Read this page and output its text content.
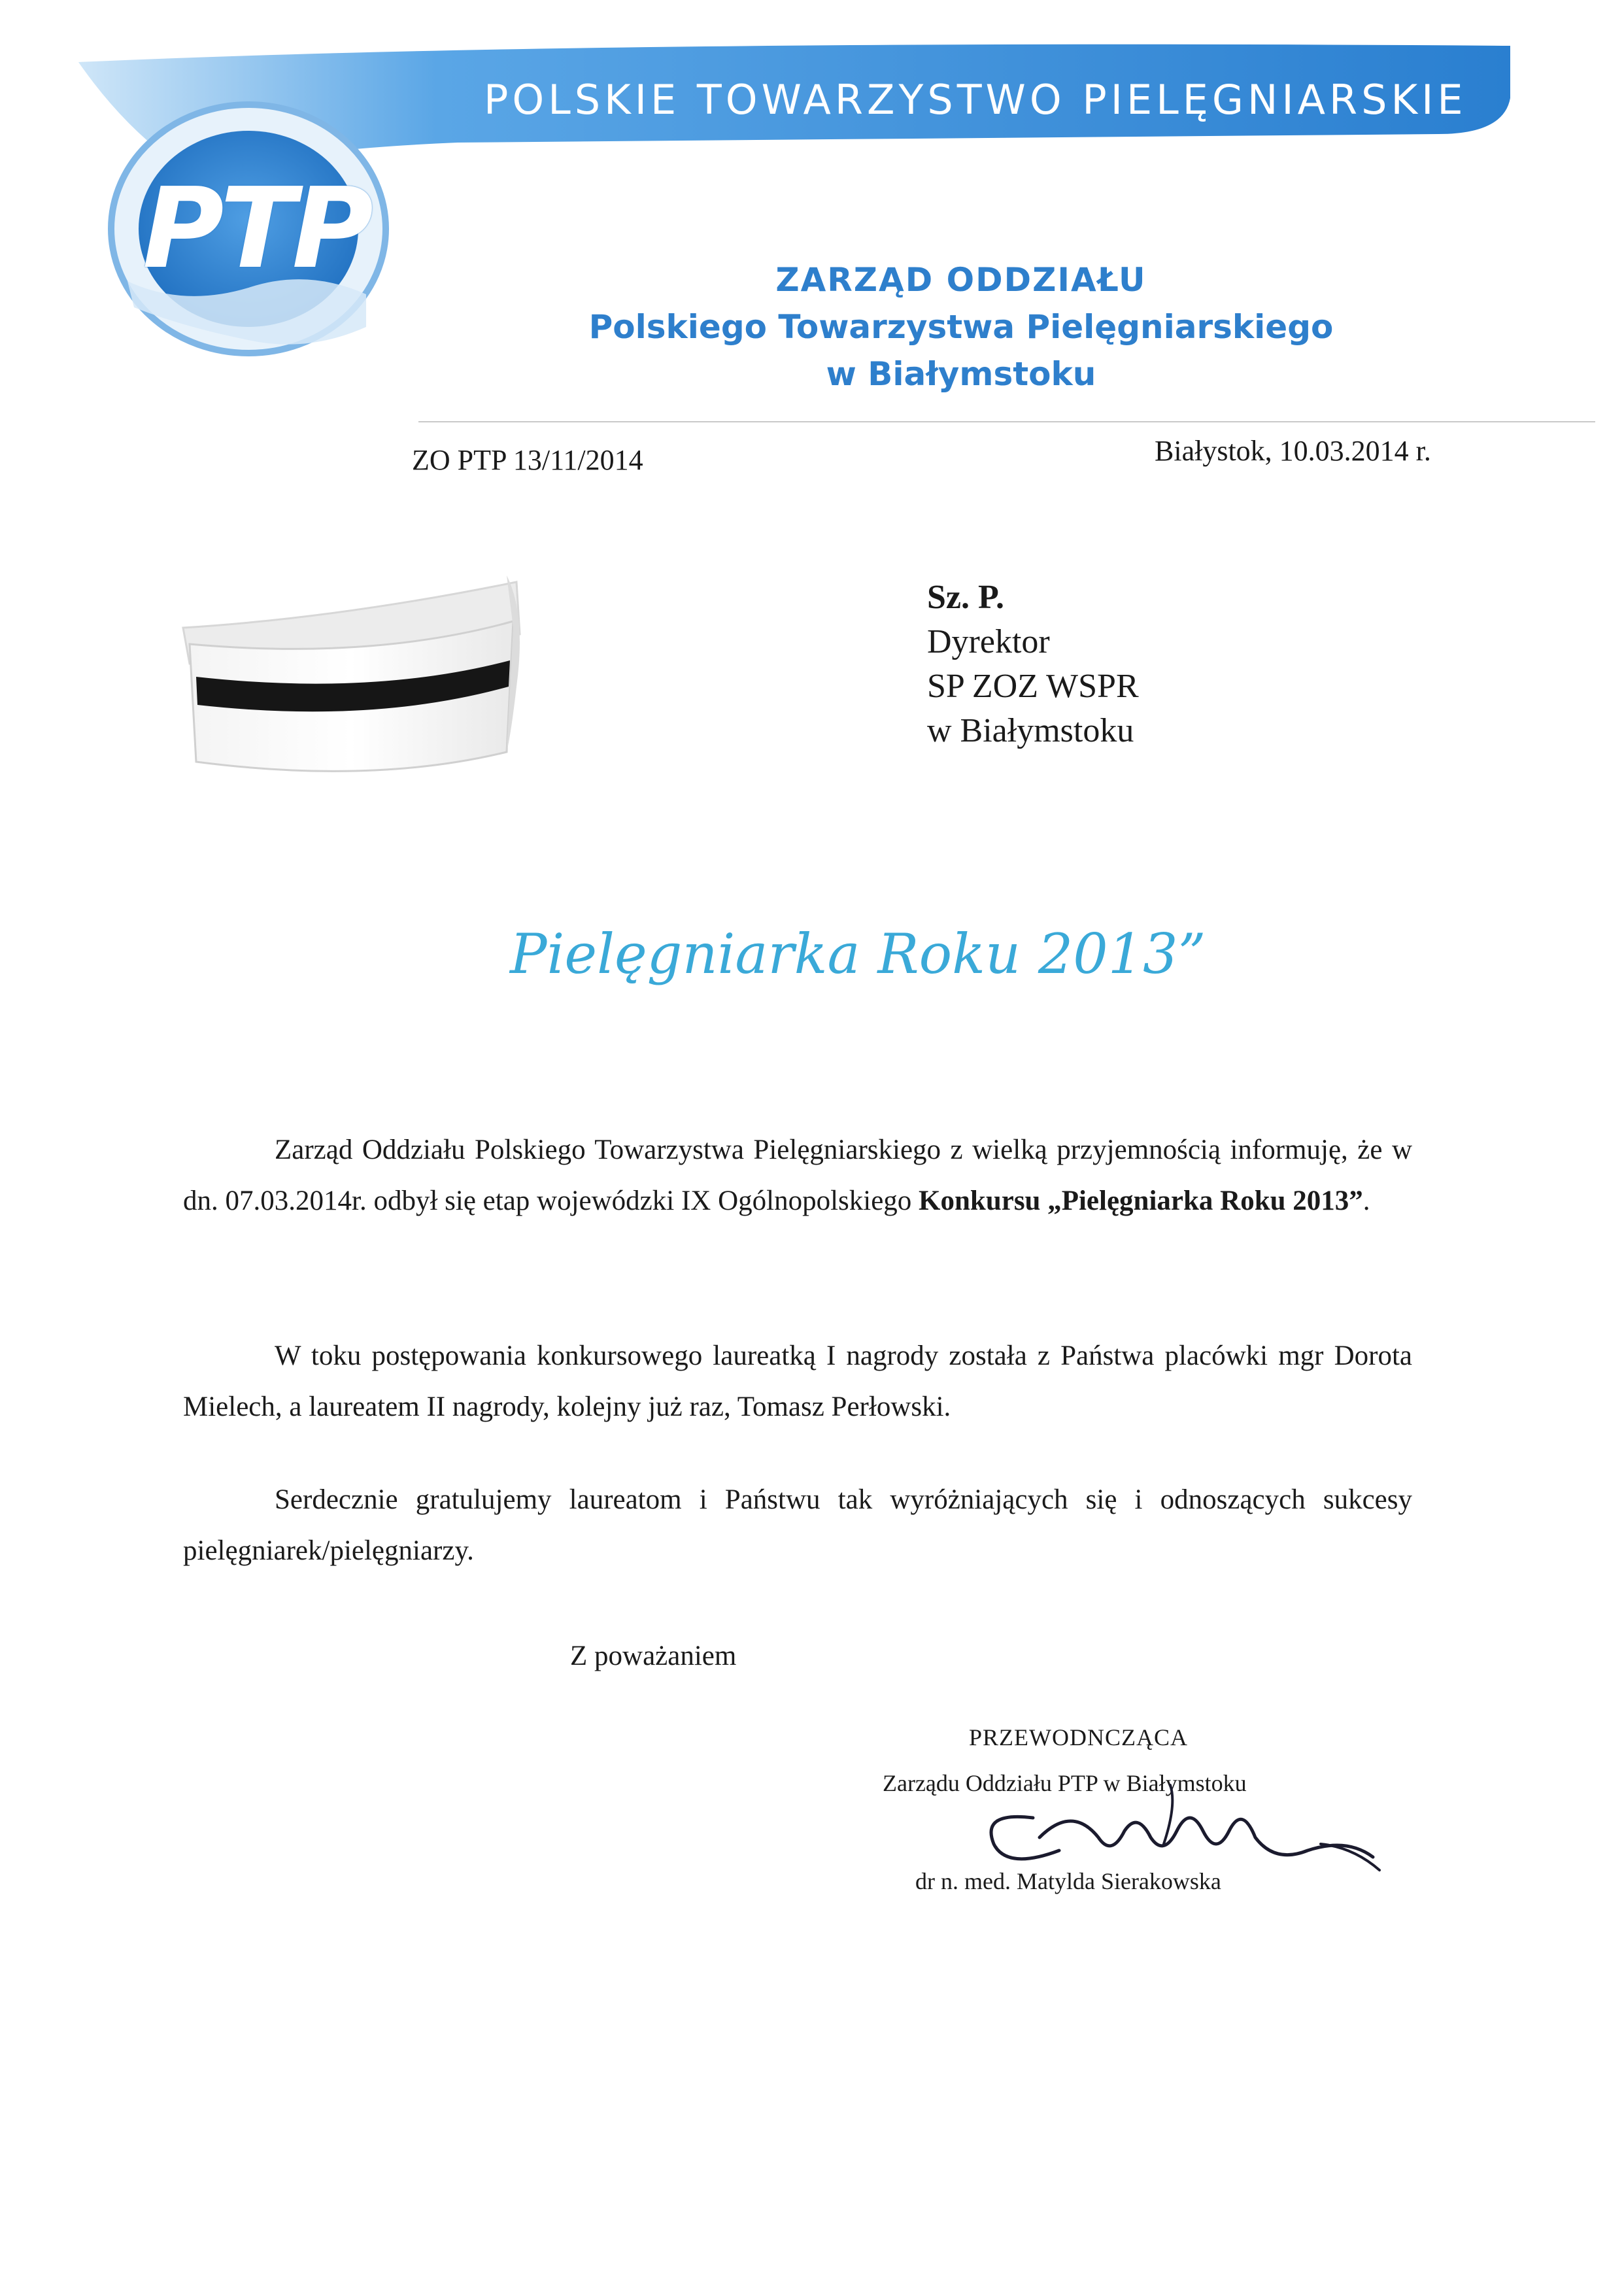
POLSKIE TOWARZYSTWO PIELĘGNIARSKIE
PTP	ZARZĄD ODDZIAŁU
Polskiego Towarzystwa Pielęgniarskiego
w Białymstoku
ZO PTP 13/11/2014	Białystok, 10.03.2014 r.
Sz. P.
Dyrektor
SP ZOZ WSPR
w Białymstoku
Pielęgniarka Roku 2013”
Zarząd Oddziału Polskiego Towarzystwa Pielęgniarskiego z wielką przyjemnością informuję, że w dn. 07.03.2014r. odbył się etap wojewódzki IX Ogólnopolskiego Konkursu „Pielęgniarka Roku 2013”.
W toku postępowania konkursowego laureatką I nagrody została z Państwa placówki mgr Dorota Mielech, a laureatem II nagrody, kolejny już raz, Tomasz Perłowski.
Serdecznie gratulujemy laureatom i Państwu tak wyróżniających się i odnoszących sukcesy pielęgniarek/pielęgniarzy.
Z poważaniem
PRZEWODNCZĄCA
Zarządu Oddziału PTP w Białymstoku
dr n. med. Matylda Sierakowska
